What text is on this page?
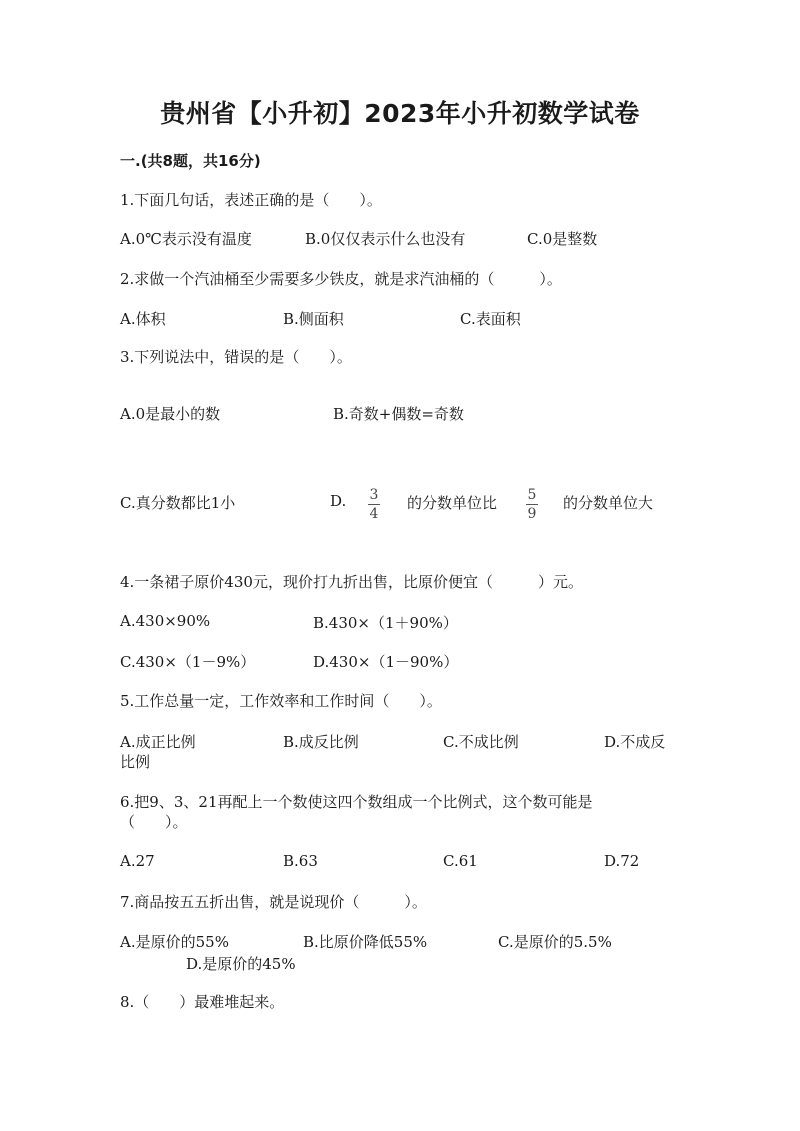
贵州省【小升初】2023年小升初数学试卷
一.(共8题，共16分)
1.下面几句话，表述正确的是（　　）。
A.0℃表示没有温度	B.0仅仅表示什么也没有	C.0是整数
2.求做一个汽油桶至少需要多少铁皮，就是求汽油桶的（　　　）。
A.体积	B.侧面积	C.表面积
3.下列说法中，错误的是（　　）。
A.0是最小的数	B.奇数+偶数=奇数
C.真分数都比1小	D. $\frac{3}{4}$ 的分数单位比 $\frac{5}{9}$ 的分数单位大
4.一条裙子原价430元，现价打九折出售，比原价便宜（　　　）元。
A.430×90%	B.430×（1＋90%）
C.430×（1－9%）	D.430×（1－90%）
5.工作总量一定，工作效率和工作时间（　　）。
A.成正比例	B.成反比例	C.不成比例	D.不成反
比例
6.把9、3、21再配上一个数使这四个数组成一个比例式，这个数可能是
（　　）。
A.27	B.63	C.61	D.72
7.商品按五五折出售，就是说现价（　　　）。
A.是原价的55%	B.比原价降低55%	C.是原价的5.5%
D.是原价的45%
8.（　　）最难堆起来。
